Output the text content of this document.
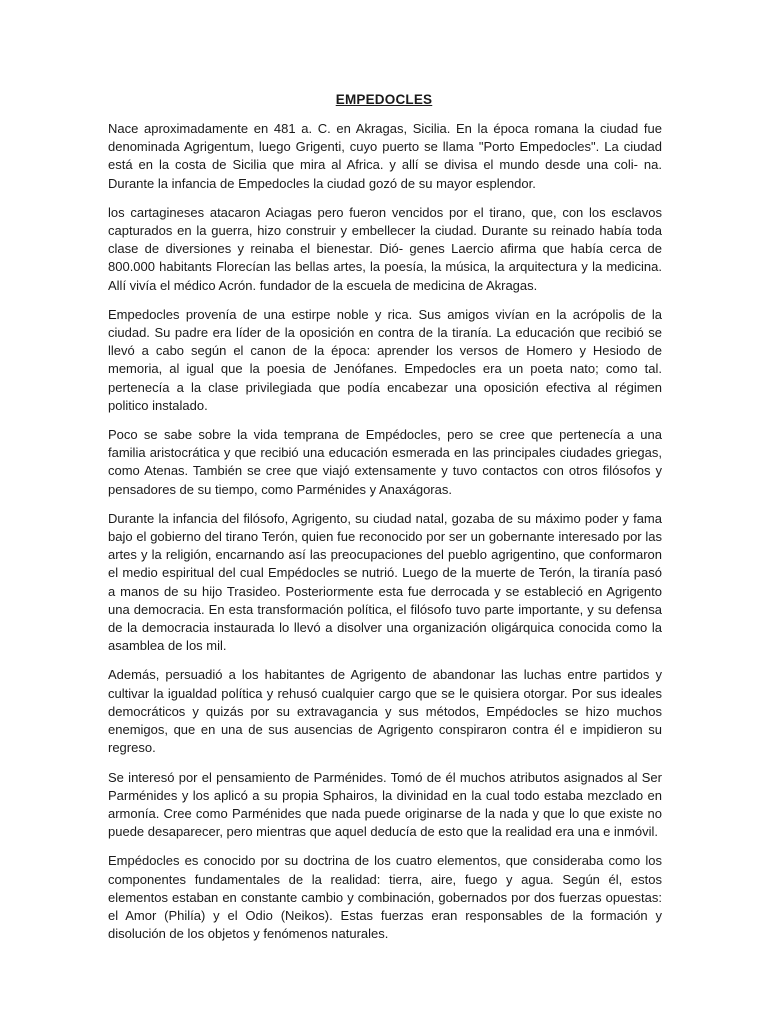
EMPEDOCLES

Nace aproximadamente en 481 a. C. en Akragas, Sicilia. En la época romana la ciudad fue denominada Agrigentum, luego Grigenti, cuyo puerto se llama "Porto Empedocles". La ciudad está en la costa de Sicilia que mira al Africa. y allí se divisa el mundo desde una coli- na. Durante la infancia de Empedocles la ciudad gozó de su mayor esplendor.

los cartagineses atacaron Aciagas pero fueron vencidos por el tirano, que, con los esclavos capturados en la guerra, hizo construir y embellecer la ciudad. Durante su reinado había toda clase de diversiones y reinaba el bienestar. Dió- genes Laercio afirma que había cerca de 800.000 habitants Florecían las bellas artes, la poesía, la música, la arquitectura y la medicina. Allí vivía el médico Acrón. fundador de la escuela de medicina de Akragas.

Empedocles provenía de una estirpe noble y rica. Sus amigos vivían en la acrópolis de la ciudad. Su padre era líder de la oposición en contra de la tiranía. La educación que recibió se llevó a cabo según el canon de la época: aprender los versos de Homero y Hesiodo de memoria, al igual que la poesia de Jenófanes. Empedocles era un poeta nato; como tal. pertenecía a la clase privilegiada que podía encabezar una oposición efectiva al régimen politico instalado.

Poco se sabe sobre la vida temprana de Empédocles, pero se cree que pertenecía a una familia aristocrática y que recibió una educación esmerada en las principales ciudades griegas, como Atenas. También se cree que viajó extensamente y tuvo contactos con otros filósofos y pensadores de su tiempo, como Parménides y Anaxágoras.

Durante la infancia del filósofo, Agrigento, su ciudad natal, gozaba de su máximo poder y fama bajo el gobierno del tirano Terón, quien fue reconocido por ser un gobernante interesado por las artes y la religión, encarnando así las preocupaciones del pueblo agrigentino, que conformaron el medio espiritual del cual Empédocles se nutrió. Luego de la muerte de Terón, la tiranía pasó a manos de su hijo Trasideo. Posteriormente esta fue derrocada y se estableció en Agrigento una democracia. En esta transformación política, el filósofo tuvo parte importante, y su defensa de la democracia instaurada lo llevó a disolver una organización oligárquica conocida como la asamblea de los mil.

Además, persuadió a los habitantes de Agrigento de abandonar las luchas entre partidos y cultivar la igualdad política y rehusó cualquier cargo que se le quisiera otorgar. Por sus ideales democráticos y quizás por su extravagancia y sus métodos, Empédocles se hizo muchos enemigos, que en una de sus ausencias de Agrigento conspiraron contra él e impidieron su regreso.

Se interesó por el pensamiento de Parménides. Tomó de él muchos atributos asignados al Ser Parménides y los aplicó a su propia Sphairos, la divinidad en la cual todo estaba mezclado en armonía. Cree como Parménides que nada puede originarse de la nada y que lo que existe no puede desaparecer, pero mientras que aquel deducía de esto que la realidad era una e inmóvil.

Empédocles es conocido por su doctrina de los cuatro elementos, que consideraba como los componentes fundamentales de la realidad: tierra, aire, fuego y agua. Según él, estos elementos estaban en constante cambio y combinación, gobernados por dos fuerzas opuestas: el Amor (Philía) y el Odio (Neikos). Estas fuerzas eran responsables de la formación y disolución de los objetos y fenómenos naturales.
